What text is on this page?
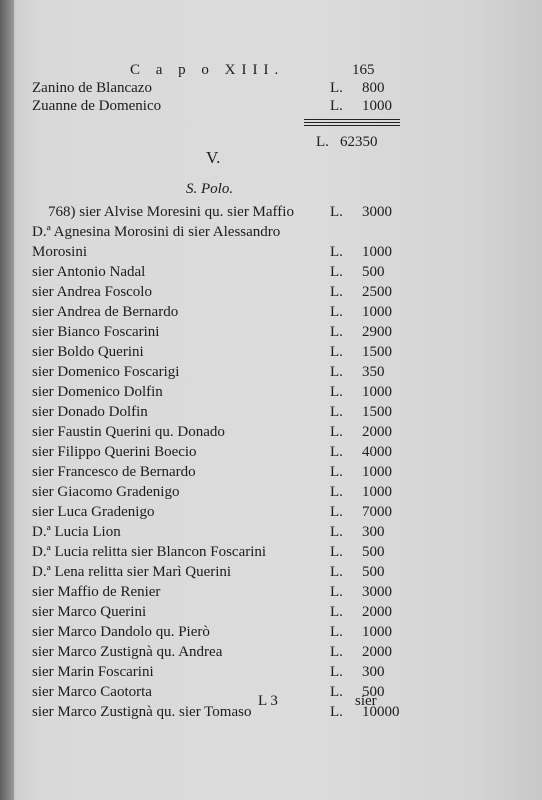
C a p o XIII.	165
Zanino de Blancazo	L. 800
Zuanne de Domenico	L. 1000
L. 62350
V.
S. Polo.
768) sier Alvise Moresini qu. sier Maffio L. 3000
D.ª Agnesina Morosini di sier Alessandro
Morosini	L. 1000
sier Antonio Nadal	L. 500
sier Andrea Foscolo	L. 2500
sier Andrea de Bernardo	L. 1000
sier Bianco Foscarini	L. 2900
sier Boldo Querini	L. 1500
sier Domenico Foscarigi	L. 350
sier Domenico Dolfin	L. 1000
sier Donado Dolfin	L. 1500
sier Faustin Querini qu. Donado	L. 2000
sier Filippo Querini Boecio	L. 4000
sier Francesco de Bernardo	L. 1000
sier Giacomo Gradenigo	L. 1000
sier Luca Gradenigo	L. 7000
D.ª Lucia Lion	L. 300
D.ª Lucia relitta sier Blancon Foscarini	L. 500
D.ª Lena relitta sier Marì Querini	L. 500
sier Maffio de Renier	L. 3000
sier Marco Querini	L. 2000
sier Marco Dandolo qu. Pierò	L. 1000
sier Marco Zustignà qu. Andrea	L. 2000
sier Marin Foscarini	L. 300
sier Marco Caotorta	L. 500
sier Marco Zustignà qu. sier Tomaso	L. 10000
L 3	sier
